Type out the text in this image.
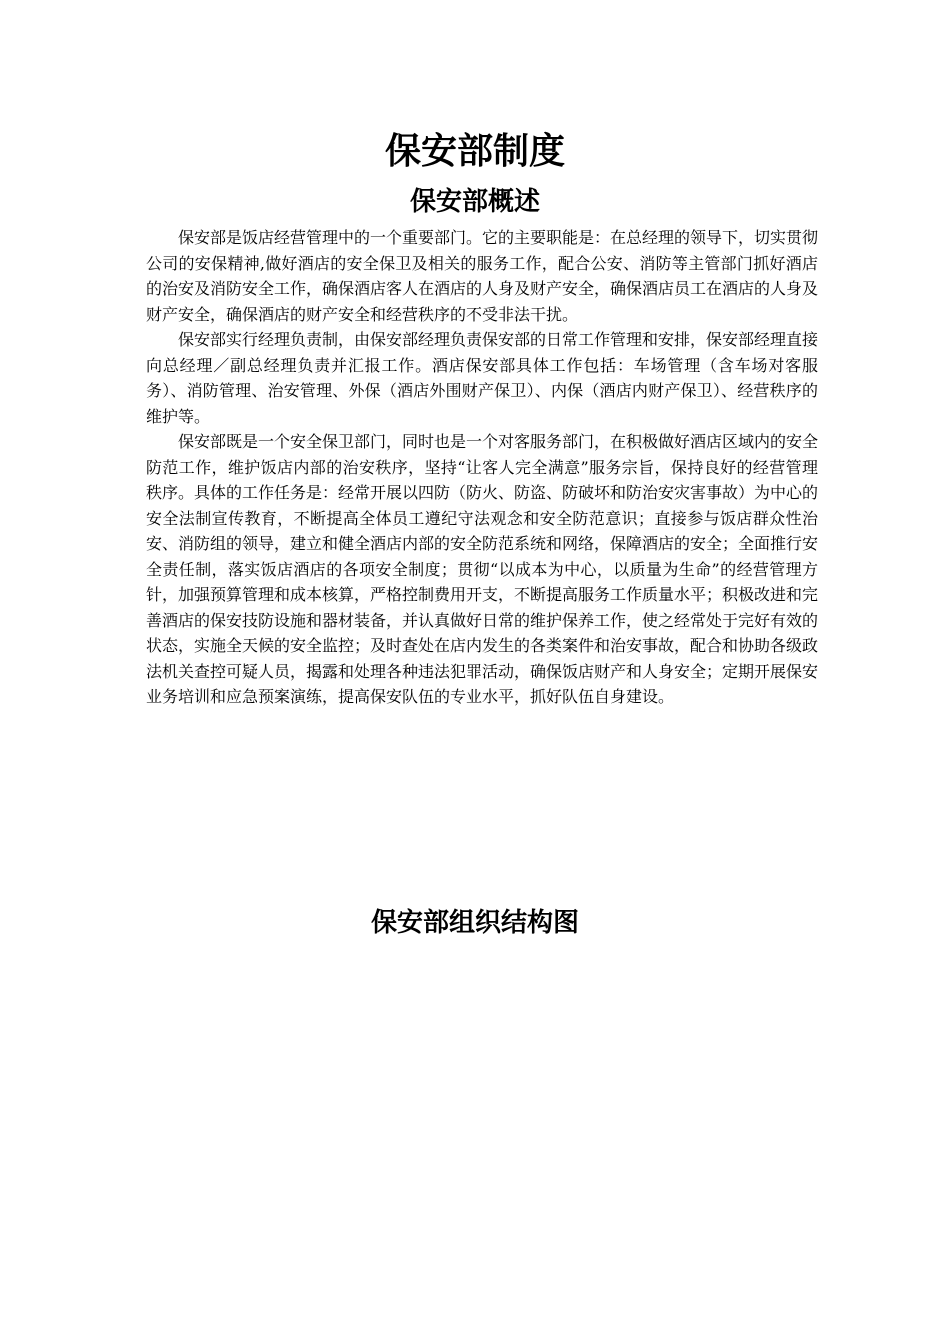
保安部制度
保安部概述

保安部是饭店经营管理中的一个重要部门。它的主要职能是：在总经理的领导下，切实贯彻公司的安保精神,做好酒店的安全保卫及相关的服务工作，配合公安、消防等主管部门抓好酒店的治安及消防安全工作，确保酒店客人在酒店的人身及财产安全，确保酒店员工在酒店的人身及财产安全，确保酒店的财产安全和经营秩序的不受非法干扰。

保安部实行经理负责制，由保安部经理负责保安部的日常工作管理和安排，保安部经理直接向总经理／副总经理负责并汇报工作。酒店保安部具体工作包括：车场管理（含车场对客服务）、消防管理、治安管理、外保（酒店外围财产保卫）、内保（酒店内财产保卫）、经营秩序的维护等。

保安部既是一个安全保卫部门，同时也是一个对客服务部门，在积极做好酒店区域内的安全防范工作，维护饭店内部的治安秩序，坚持“让客人完全满意”服务宗旨，保持良好的经营管理秩序。具体的工作任务是：经常开展以四防（防火、防盗、防破坏和防治安灾害事故）为中心的安全法制宣传教育，不断提高全体员工遵纪守法观念和安全防范意识；直接参与饭店群众性治安、消防组的领导，建立和健全酒店内部的安全防范系统和网络，保障酒店的安全；全面推行安全责任制，落实饭店酒店的各项安全制度；贯彻“以成本为中心，以质量为生命”的经营管理方针，加强预算管理和成本核算，严格控制费用开支，不断提高服务工作质量水平；积极改进和完善酒店的保安技防设施和器材装备，并认真做好日常的维护保养工作，使之经常处于完好有效的状态，实施全天候的安全监控；及时查处在店内发生的各类案件和治安事故，配合和协助各级政法机关查控可疑人员，揭露和处理各种违法犯罪活动，确保饭店财产和人身安全；定期开展保安业务培训和应急预案演练，提高保安队伍的专业水平，抓好队伍自身建设。

保安部组织结构图
